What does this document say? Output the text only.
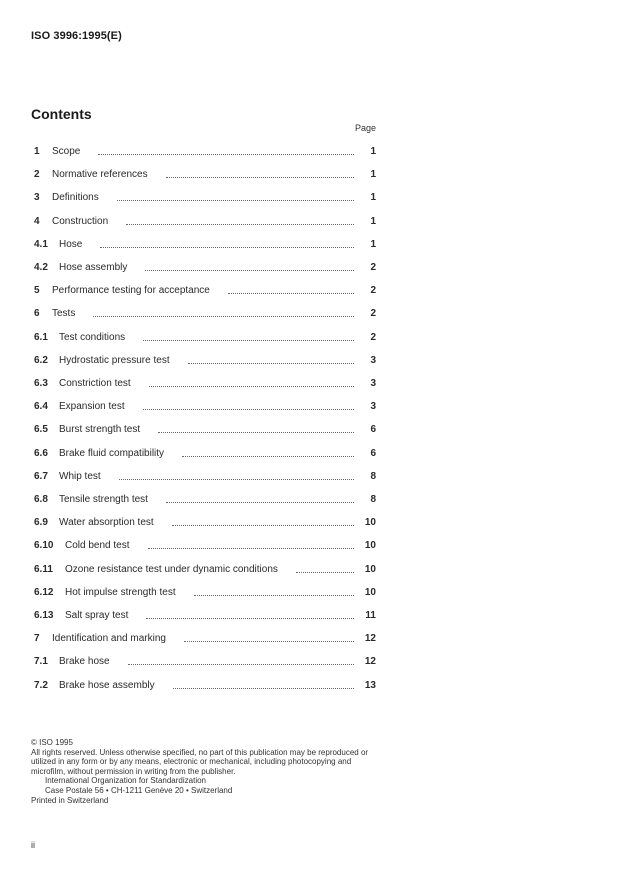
ISO 3996:1995(E)
Contents
Page
1 Scope	1
2 Normative references	1
3 Definitions	1
4 Construction	1
4.1 Hose	1
4.2 Hose assembly	2
5 Performance testing for acceptance	2
6 Tests	2
6.1 Test conditions	2
6.2 Hydrostatic pressure test	3
6.3 Constriction test	3
6.4 Expansion test	3
6.5 Burst strength test	6
6.6 Brake fluid compatibility	6
6.7 Whip test	8
6.8 Tensile strength test	8
6.9 Water absorption test	10
6.10 Cold bend test	10
6.11 Ozone resistance test under dynamic conditions	10
6.12 Hot impulse strength test	10
6.13 Salt spray test	11
7 Identification and marking	12
7.1 Brake hose	12
7.2 Brake hose assembly	13

© ISO 1995

All rights reserved. Unless otherwise specified, no part of this publication may be reproduced or utilized in any form or by any means, electronic or mechanical, including photocopying and microfilm, without permission in writing from the publisher.

International Organization for Standardization

Case Postale 56 • CH-1211 Genève 20 • Switzerland

Printed in Switzerland

ii
